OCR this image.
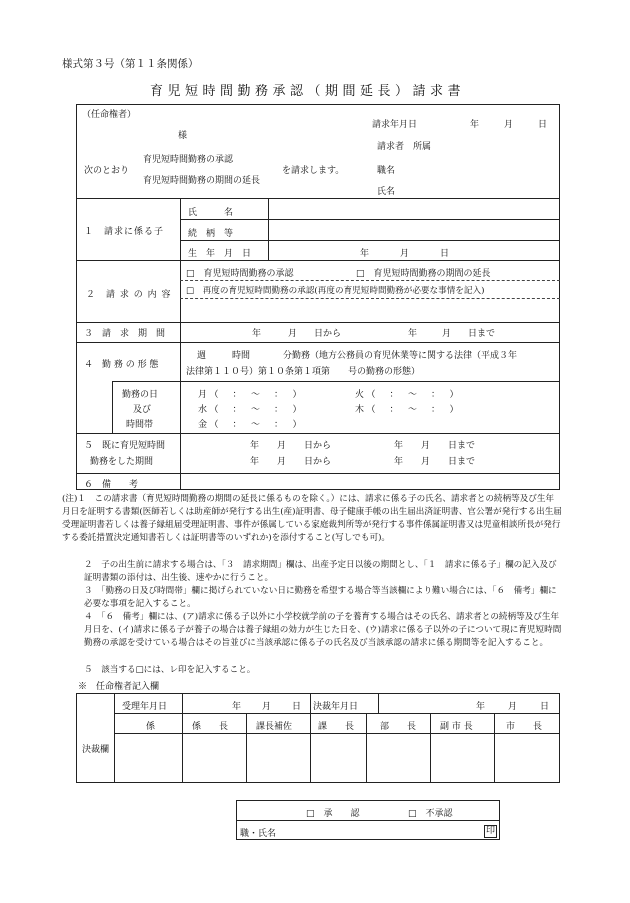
様式第３号（第１１条関係）
育児短時間勤務承認（期間延長）請求書
（任命権者）
様
次のとおり
育児短時間勤務の承認
育児短時間勤務の期間の延長
を請求します。
請求年月日	年	月	日
請求者　所属
職名
氏名
１　請求に係る子
氏　　　名
続　柄　等
生　年　月　日	年	月	日
２　請 求 の 内 容
□　育児短時間勤務の承認	□　育児短時間勤務の期間の延長
□　再度の育児短時間勤務の承認(再度の育児短時間勤務が必要な事情を記入)
３　請　求　期　間	年	月 日から	年	月 日まで
４　勤 務 の 形 態
週	時間	分勤務（地方公務員の育児休業等に関する法律（平成３年
法律第１１０号）第１０条第１項第　　号の勤務の形態）
勤務の日
及び
時間帯
月（　：　〜　：　）	火（　：　〜　：　）
水（　：　〜　：　）	木（　：　〜　：　）
金（　：　〜　：　）
５　既に育児短時間
勤務をした期間
年　　月　　日から　　　　　　　年　　月　　日まで
年　　月　　日から　　　　　　　年　　月　　日まで
６　備　　考
(注)１　この請求書（育児短時間勤務の期間の延長に係るものを除く。）には、請求に係る子の氏名、請求者との続柄等及び生年月日を証明する書類(医師若しくは助産師が発行する出生(産)証明書、母子健康手帳の出生届出済証明書、官公署が発行する出生届受理証明書若しくは養子縁組届受理証明書、事件が係属している家庭裁判所等が発行する事件係属証明書又は児童相談所長が発行する委託措置決定通知書若しくは証明書等のいずれか)を添付すること(写しでも可)。
２　子の出生前に請求する場合は、「３　請求期間」欄は、出産予定日以後の期間とし、「１　請求に係る子」欄の記入及び証明書類の添付は、出生後、速やかに行うこと。
３　「勤務の日及び時間帯」欄に掲げられていない日に勤務を希望する場合等当該欄により難い場合には、「６　備考」欄に必要な事項を記入すること。
４　「６　備考」欄には、(ア)請求に係る子以外に小学校就学前の子を養育する場合はその氏名、請求者との続柄等及び生年月日を、(イ)請求に係る子が養子の場合は養子縁組の効力が生じた日を、(ウ)請求に係る子以外の子について現に育児短時間勤務の承認を受けている場合はその旨並びに当該承認に係る子の氏名及び当該承認の請求に係る期間等を記入すること。
５　該当する□には、レ印を記入すること。
※　任命権者記入欄
受理年月日	年 月 日 決裁年月日	年	月	日
決裁欄
係	係　　長	課長補佐	課　　長	部　　長	副 市 長	市　　長
□　承　　認	□　不承認
職・氏名	印
